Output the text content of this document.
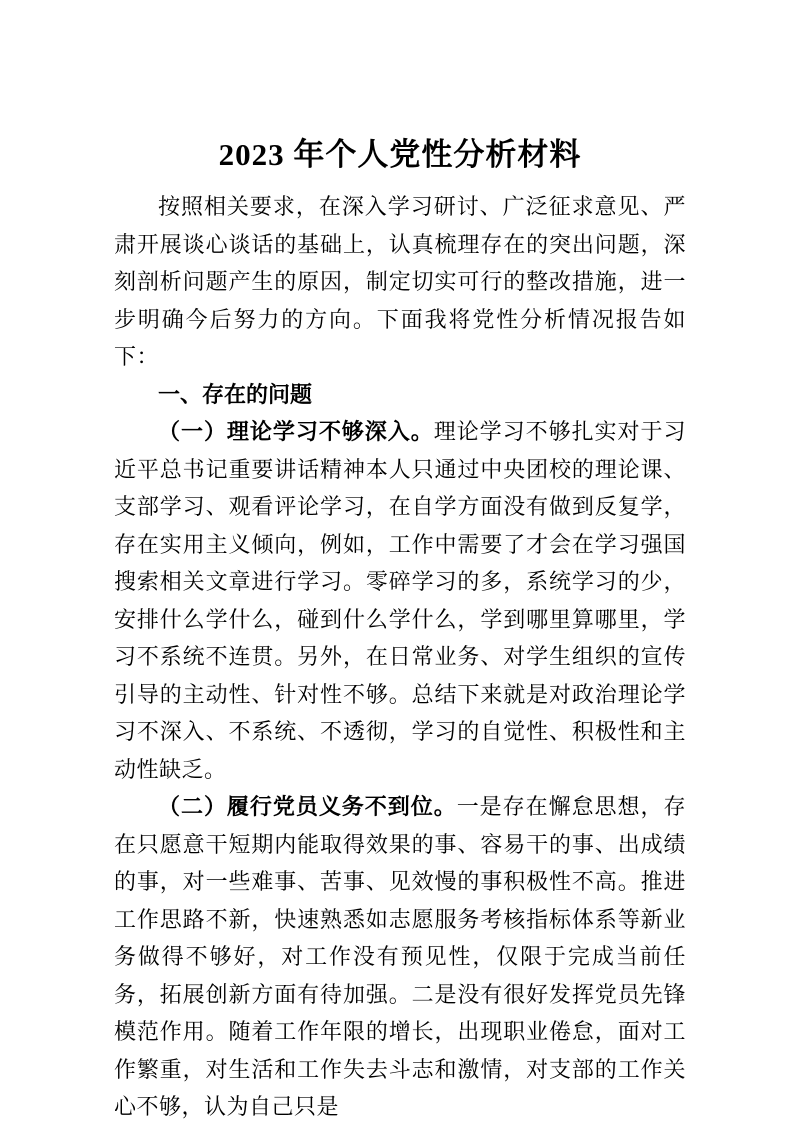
2023 年个人党性分析材料

按照相关要求，在深入学习研讨、广泛征求意见、严肃开展谈心谈话的基础上，认真梳理存在的突出问题，深刻剖析问题产生的原因，制定切实可行的整改措施，进一步明确今后努力的方向。下面我将党性分析情况报告如下：

一、存在的问题

（一）理论学习不够深入。理论学习不够扎实对于习近平总书记重要讲话精神本人只通过中央团校的理论课、支部学习、观看评论学习，在自学方面没有做到反复学，存在实用主义倾向，例如，工作中需要了才会在学习强国搜索相关文章进行学习。零碎学习的多，系统学习的少，安排什么学什么，碰到什么学什么，学到哪里算哪里，学习不系统不连贯。另外，在日常业务、对学生组织的宣传引导的主动性、针对性不够。总结下来就是对政治理论学习不深入、不系统、不透彻，学习的自觉性、积极性和主动性缺乏。

（二）履行党员义务不到位。一是存在懈怠思想，存在只愿意干短期内能取得效果的事、容易干的事、出成绩的事，对一些难事、苦事、见效慢的事积极性不高。推进工作思路不新，快速熟悉如志愿服务考核指标体系等新业务做得不够好，对工作没有预见性，仅限于完成当前任务，拓展创新方面有待加强。二是没有很好发挥党员先锋模范作用。随着工作年限的增长，出现职业倦怠，面对工作繁重，对生活和工作失去斗志和激情，对支部的工作关心不够，认为自己只是
